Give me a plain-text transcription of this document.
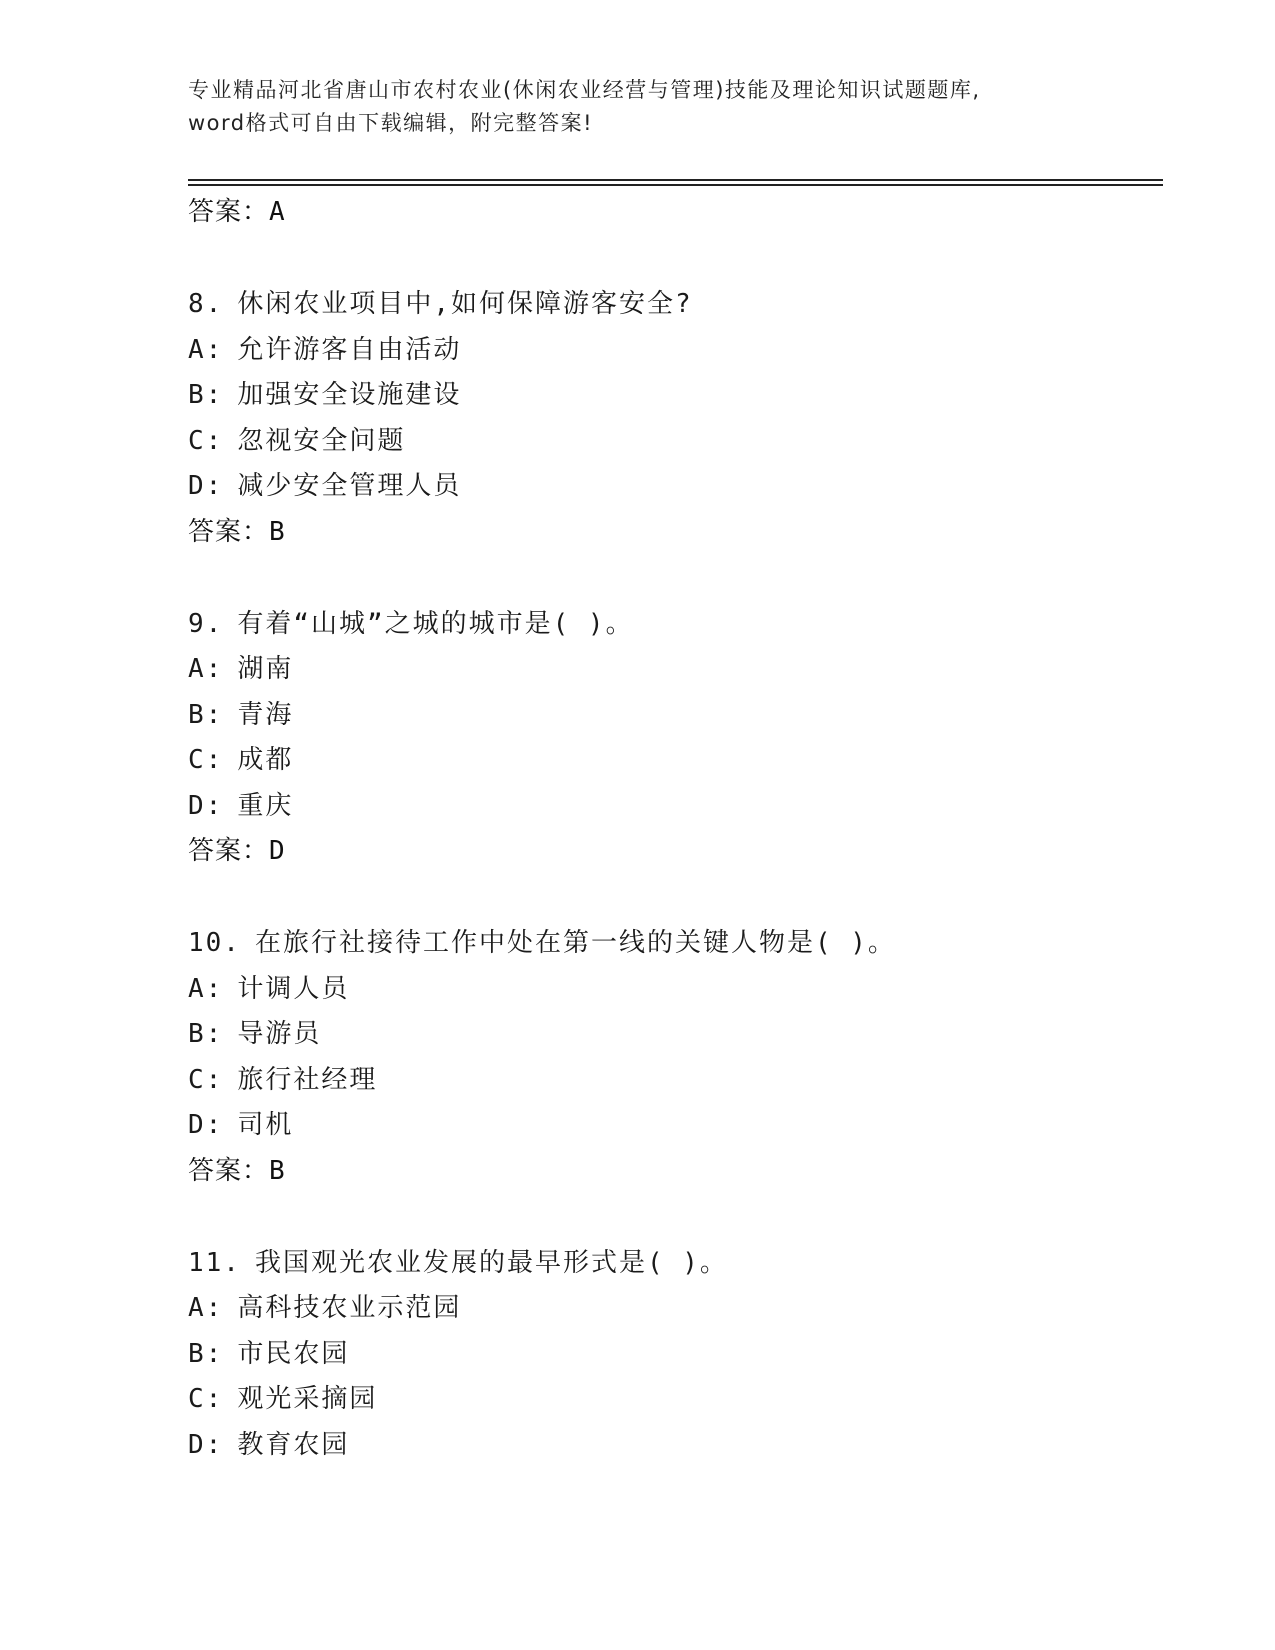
专业精品河北省唐山市农村农业(休闲农业经营与管理)技能及理论知识试题题库,
word格式可自由下载编辑，附完整答案!
答案：A
8. 休闲农业项目中,如何保障游客安全?
A: 允许游客自由活动
B: 加强安全设施建设
C: 忽视安全问题
D: 减少安全管理人员
答案：B
9. 有着“山城”之城的城市是( )。
A: 湖南
B: 青海
C: 成都
D: 重庆
答案：D
10. 在旅行社接待工作中处在第一线的关键人物是( )。
A: 计调人员
B: 导游员
C: 旅行社经理
D: 司机
答案：B
11. 我国观光农业发展的最早形式是( )。
A: 高科技农业示范园
B: 市民农园
C: 观光采摘园
D: 教育农园
